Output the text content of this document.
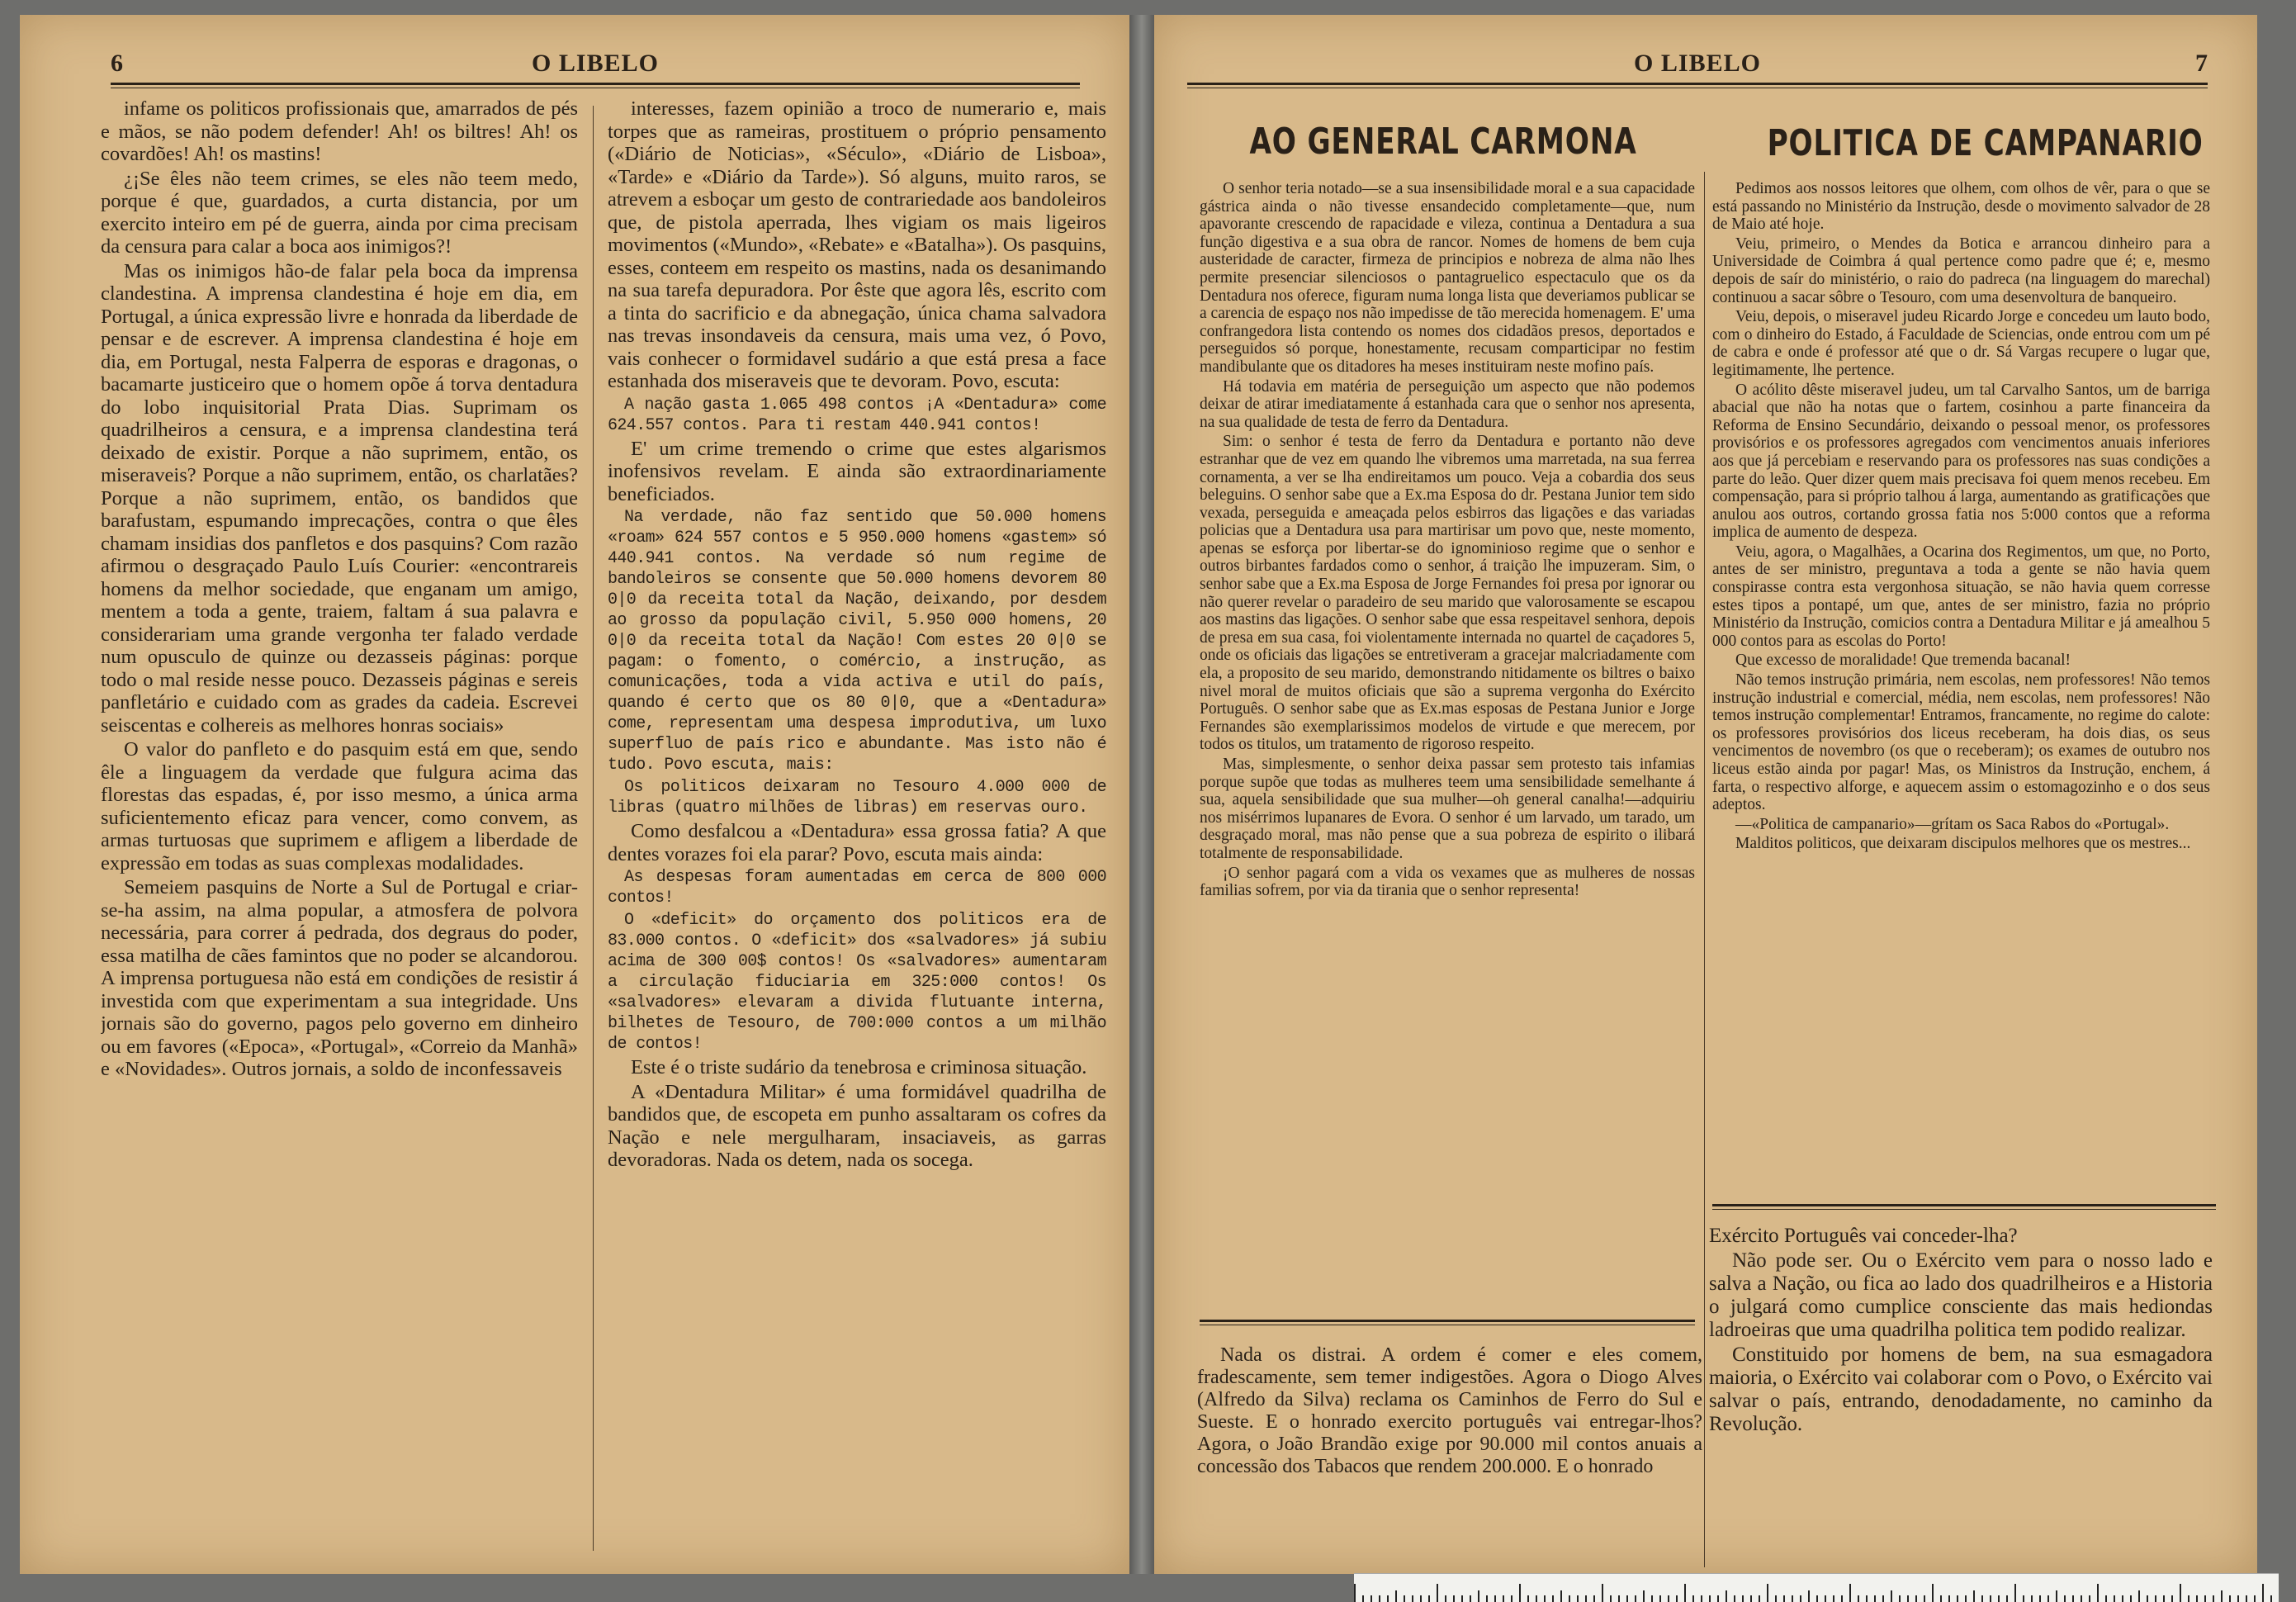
6	O LIBELO

infame os politicos profissionais que, amarrados de pés e mãos, se não podem defender! Ah! os biltres! Ah! os covardões! Ah! os mastins!

¿¡Se êles não teem crimes, se eles não teem medo, porque é que, guardados, a curta distancia, por um exercito inteiro em pé de guerra, ainda por cima precisam da censura para calar a boca aos inimigos?!

Mas os inimigos hão-de falar pela boca da imprensa clandestina. A imprensa clandestina é hoje em dia, em Portugal, a única expressão livre e honrada da liberdade de pensar e de escrever. A imprensa clandestina é hoje em dia, em Portugal, nesta Falperra de esporas e dragonas, o bacamarte justiceiro que o homem opõe á torva dentadura do lobo inquisitorial Prata Dias. Suprimam os quadrilheiros a censura, e a imprensa clandestina terá deixado de existir. Porque a não suprimem, então, os miseraveis? Porque a não suprimem, então, os charlatães? Porque a não suprimem, então, os bandidos que barafustam, espumando imprecações, contra o que êles chamam insidias dos panfletos e dos pasquins? Com razão afirmou o desgraçado Paulo Luís Courier: «encontrareis homens da melhor sociedade, que enganam um amigo, mentem a toda a gente, traiem, faltam á sua palavra e considerariam uma grande vergonha ter falado verdade num opusculo de quinze ou dezasseis páginas: porque todo o mal reside nesse pouco. Dezasseis páginas e sereis panfletário e cuidado com as grades da cadeia. Escrevei seiscentas e colhereis as melhores honras sociais»

O valor do panfleto e do pasquim está em que, sendo êle a linguagem da verdade que fulgura acima das florestas das espadas, é, por isso mesmo, a única arma suficientemento eficaz para vencer, como convem, as armas turtuosas que suprimem e afligem a liberdade de expressão em todas as suas complexas modalidades.

Semeiem pasquins de Norte a Sul de Portugal e criar-se-ha assim, na alma popular, a atmosfera de polvora necessária, para correr á pedrada, dos degraus do poder, essa matilha de cães famintos que no poder se alcandorou. A imprensa portuguesa não está em condições de resistir á investida com que experimentam a sua integridade. Uns jornais são do governo, pagos pelo governo em dinheiro ou em favores («Epoca», «Portugal», «Correio da Manhã» e «Novidades». Outros jornais, a soldo de inconfessaveis

interesses, fazem opinião a troco de numerario e, mais torpes que as rameiras, prostituem o próprio pensamento («Diário de Noticias», «Século», «Diário de Lisboa», «Tarde» e «Diário da Tarde»). Só alguns, muito raros, se atrevem a esboçar um gesto de contrariedade aos bandoleiros que, de pistola aperrada, lhes vigiam os mais ligeiros movimentos («Mundo», «Rebate» e «Batalha»). Os pasquins, esses, conteem em respeito os mastins, nada os desanimando na sua tarefa depuradora. Por êste que agora lês, escrito com a tinta do sacrificio e da abnegação, única chama salvadora nas trevas insondaveis da censura, mais uma vez, ó Povo, vais conhecer o formidavel sudário a que está presa a face estanhada dos miseraveis que te devoram. Povo, escuta:

A nação gasta 1.065 498 contos ¡A «Dentadura» come 624.557 contos. Para ti restam 440.941 contos!

E' um crime tremendo o crime que estes algarismos inofensivos revelam. E ainda são extraordinariamente beneficiados.

Na verdade, não faz sentido que 50.000 homens «roam» 624 557 contos e 5 950.000 homens «gastem» só 440.941 contos. Na verdade só num regime de bandoleiros se consente que 50.000 homens devorem 80 0|0 da receita total da Nação, deixando, por desdem ao grosso da população civil, 5.950 000 homens, 20 0|0 da receita total da Nação! Com estes 20 0|0 se pagam: o fomento, o comércio, a instrução, as comunicações, toda a vida activa e util do país, quando é certo que os 80 0|0, que a «Dentadura» come, representam uma despesa improdutiva, um luxo superfluo de país rico e abundante. Mas isto não é tudo. Povo escuta, mais:

Os politicos deixaram no Tesouro 4.000 000 de libras (quatro milhões de libras) em reservas ouro.

Como desfalcou a «Dentadura» essa grossa fatia? A que dentes vorazes foi ela parar? Povo, escuta mais ainda:

As despesas foram aumentadas em cerca de 800 000 contos!

O «deficit» do orçamento dos politicos era de 83.000 contos. O «deficit» dos «salvadores» já subiu acima de 300 00$ contos! Os «salvadores» aumentaram a circulação fiduciaria em 325:000 contos! Os «salvadores» elevaram a divida flutuante interna, bilhetes de Tesouro, de 700:000 contos a um milhão de contos!

Este é o triste sudário da tenebrosa e criminosa situação.

A «Dentadura Militar» é uma formidável quadrilha de bandidos que, de escopeta em punho assaltaram os cofres da Nação e nele mergulharam, insaciaveis, as garras devoradoras. Nada os detem, nada os socega.

O LIBELO	7
AO GENERAL CARMONA	POLITICA DE CAMPANARIO

O senhor teria notado—se a sua insensibilidade moral e a sua capacidade gástrica ainda o não tivesse ensandecido completamente—que, num apavorante crescendo de rapacidade e vileza, continua a Dentadura a sua função digestiva e a sua obra de rancor. Nomes de homens de bem cuja austeridade de caracter, firmeza de principios e nobreza de alma não lhes permite presenciar silenciosos o pantagruelico espectaculo que os da Dentadura nos oferece, figuram numa longa lista que deveriamos publicar se a carencia de espaço nos não impedisse de tão merecida homenagem. E' uma confrangedora lista contendo os nomes dos cidadãos presos, deportados e perseguidos só porque, honestamente, recusam comparticipar no festim mandibulante que os ditadores ha meses instituiram neste mofino país.

Há todavia em matéria de perseguição um aspecto que não podemos deixar de atirar imediatamente á estanhada cara que o senhor nos apresenta, na sua qualidade de testa de ferro da Dentadura.

Sim: o senhor é testa de ferro da Dentadura e portanto não deve estranhar que de vez em quando lhe vibremos uma marretada, na sua ferrea cornamenta, a ver se lha endireitamos um pouco. Veja a cobardia dos seus beleguins. O senhor sabe que a Ex.ma Esposa do dr. Pestana Junior tem sido vexada, perseguida e ameaçada pelos esbirros das ligações e das variadas policias que a Dentadura usa para martirisar um povo que, neste momento, apenas se esforça por libertar-se do ignominioso regime que o senhor e outros birbantes fardados como o senhor, á traição lhe impuzeram. Sim, o senhor sabe que a Ex.ma Esposa de Jorge Fernandes foi presa por ignorar ou não querer revelar o paradeiro de seu marido que valorosamente se escapou aos mastins das ligações. O senhor sabe que essa respeitavel senhora, depois de presa em sua casa, foi violentamente internada no quartel de caçadores 5, onde os oficiais das ligações se entretiveram a gracejar malcriadamente com ela, a proposito de seu marido, demonstrando nitidamente os biltres o baixo nivel moral de muitos oficiais que são a suprema vergonha do Exército Português. O senhor sabe que as Ex.mas esposas de Pestana Junior e Jorge Fernandes são exemplarissimos modelos de virtude e que merecem, por todos os titulos, um tratamento de rigoroso respeito.

Mas, simplesmente, o senhor deixa passar sem protesto tais infamias porque supõe que todas as mulheres teem uma sensibilidade semelhante á sua, aquela sensibilidade que sua mulher—oh general canalha!—adquiriu nos misérrimos lupanares de Evora. O senhor é um larvado, um tarado, um desgraçado moral, mas não pense que a sua pobreza de espirito o ilibará totalmente de responsabilidade.

¡O senhor pagará com a vida os vexames que as mulheres de nossas familias sofrem, por via da tirania que o senhor representa!

Pedimos aos nossos leitores que olhem, com olhos de vêr, para o que se está passando no Ministério da Instrução, desde o movimento salvador de 28 de Maio até hoje.

Veiu, primeiro, o Mendes da Botica e arrancou dinheiro para a Universidade de Coimbra á qual pertence como padre que é; e, mesmo depois de saír do ministério, o raio do padreca (na linguagem do marechal) continuou a sacar sôbre o Tesouro, com uma desenvoltura de banqueiro.

Veiu, depois, o miseravel judeu Ricardo Jorge e concedeu um lauto bodo, com o dinheiro do Estado, á Faculdade de Sciencias, onde entrou com um pé de cabra e onde é professor até que o dr. Sá Vargas recupere o lugar que, legitimamente, lhe pertence.

O acólito dêste miseravel judeu, um tal Carvalho Santos, um de barriga abacial que não ha notas que o fartem, cosinhou a parte financeira da Reforma de Ensino Secundário, deixando o pessoal menor, os professores provisórios e os professores agregados com vencimentos anuais inferiores aos que já percebiam e reservando para os professores nas suas condições a parte do leão. Quer dizer quem mais precisava foi quem menos recebeu. Em compensação, para si próprio talhou á larga, aumentando as gratificações que anulou aos outros, cortando grossa fatia nos 5:000 contos que a reforma implica de aumento de despeza.

Veiu, agora, o Magalhães, a Ocarina dos Regimentos, um que, no Porto, antes de ser ministro, preguntava a toda a gente se não havia quem conspirasse contra esta vergonhosa situação, se não havia quem corresse estes tipos a pontapé, um que, antes de ser ministro, fazia no próprio Ministério da Instrução, comicios contra a Dentadura Militar e já amealhou 5 000 contos para as escolas do Porto!

Que excesso de moralidade! Que tremenda bacanal!

Não temos instrução primária, nem escolas, nem professores! Não temos instrução industrial e comercial, média, nem escolas, nem professores! Não temos instrução complementar! Entramos, francamente, no regime do calote: os professores provisórios dos liceus receberam, ha dois dias, os seus vencimentos de novembro (os que o receberam); os exames de outubro nos liceus estão ainda por pagar! Mas, os Ministros da Instrução, enchem, á farta, o respectivo alforge, e aquecem assim o estomagozinho e o dos seus adeptos.

—«Politica de campanario»—grítam os Saca Rabos do «Portugal».

Malditos politicos, que deixaram discipulos melhores que os mestres...

Nada os distrai. A ordem é comer e eles comem, fradescamente, sem temer indigestões. Agora o Diogo Alves (Alfredo da Silva) reclama os Caminhos de Ferro do Sul e Sueste. E o honrado exercito português vai entregar-lhos? Agora, o João Brandão exige por 90.000 mil contos anuais a concessão dos Tabacos que rendem 200.000. E o honrado

Exército Português vai conceder-lha?

Não pode ser. Ou o Exército vem para o nosso lado e salva a Nação, ou fica ao lado dos quadrilheiros e a Historia o julgará como cumplice consciente das mais hediondas ladroeiras que uma quadrilha politica tem podido realizar.

Constituido por homens de bem, na sua esmagadora maioria, o Exército vai colaborar com o Povo, o Exército vai salvar o país, entrando, denodadamente, no caminho da Revolução.
